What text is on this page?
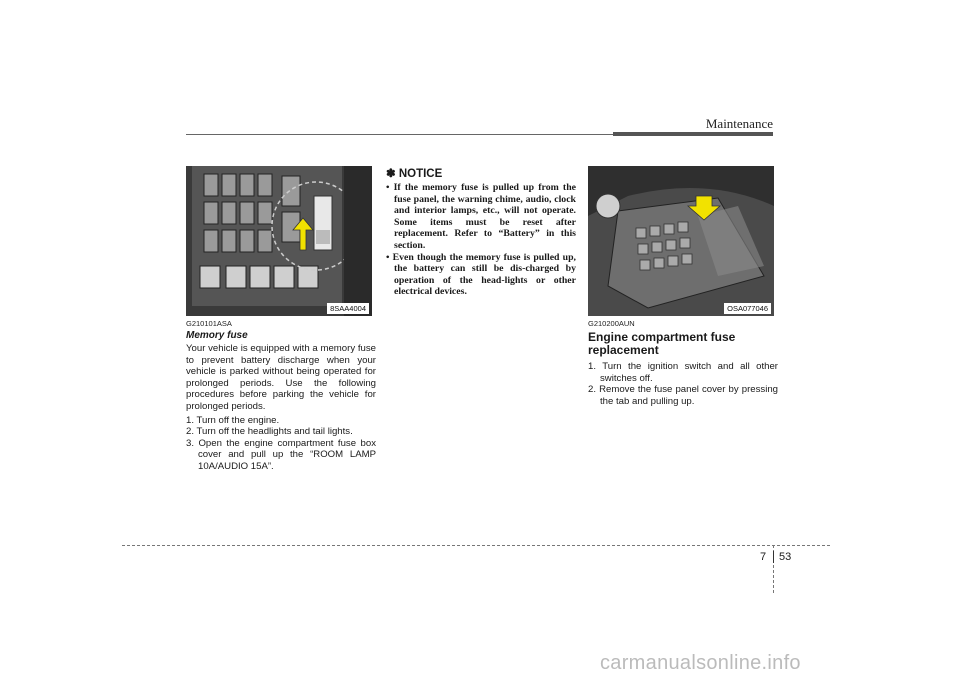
Maintenance
8SAA4004
G210101ASA
Memory fuse

Your vehicle is equipped with a memory fuse to prevent battery discharge when your vehicle is parked without being operated for prolonged periods. Use the following procedures before parking the vehicle for prolonged periods.

1. Turn off the engine.
2. Turn off the headlights and tail lights.
3. Open the engine compartment fuse box cover and pull up the “ROOM LAMP 10A/AUDIO 15A”.
✽ NOTICE
• If the memory fuse is pulled up from the fuse panel, the warning chime, audio, clock and interior lamps, etc., will not operate. Some items must be reset after replacement. Refer to “Battery” in this section.
• Even though the memory fuse is pulled up, the battery can still be dis-charged by operation of the head-lights or other electrical devices.
OSA077046
G210200AUN
Engine compartment fuse replacement
1. Turn the ignition switch and all other switches off.
2. Remove the fuse panel cover by pressing the tab and pulling up.
7 53
carmanualsonline.info
